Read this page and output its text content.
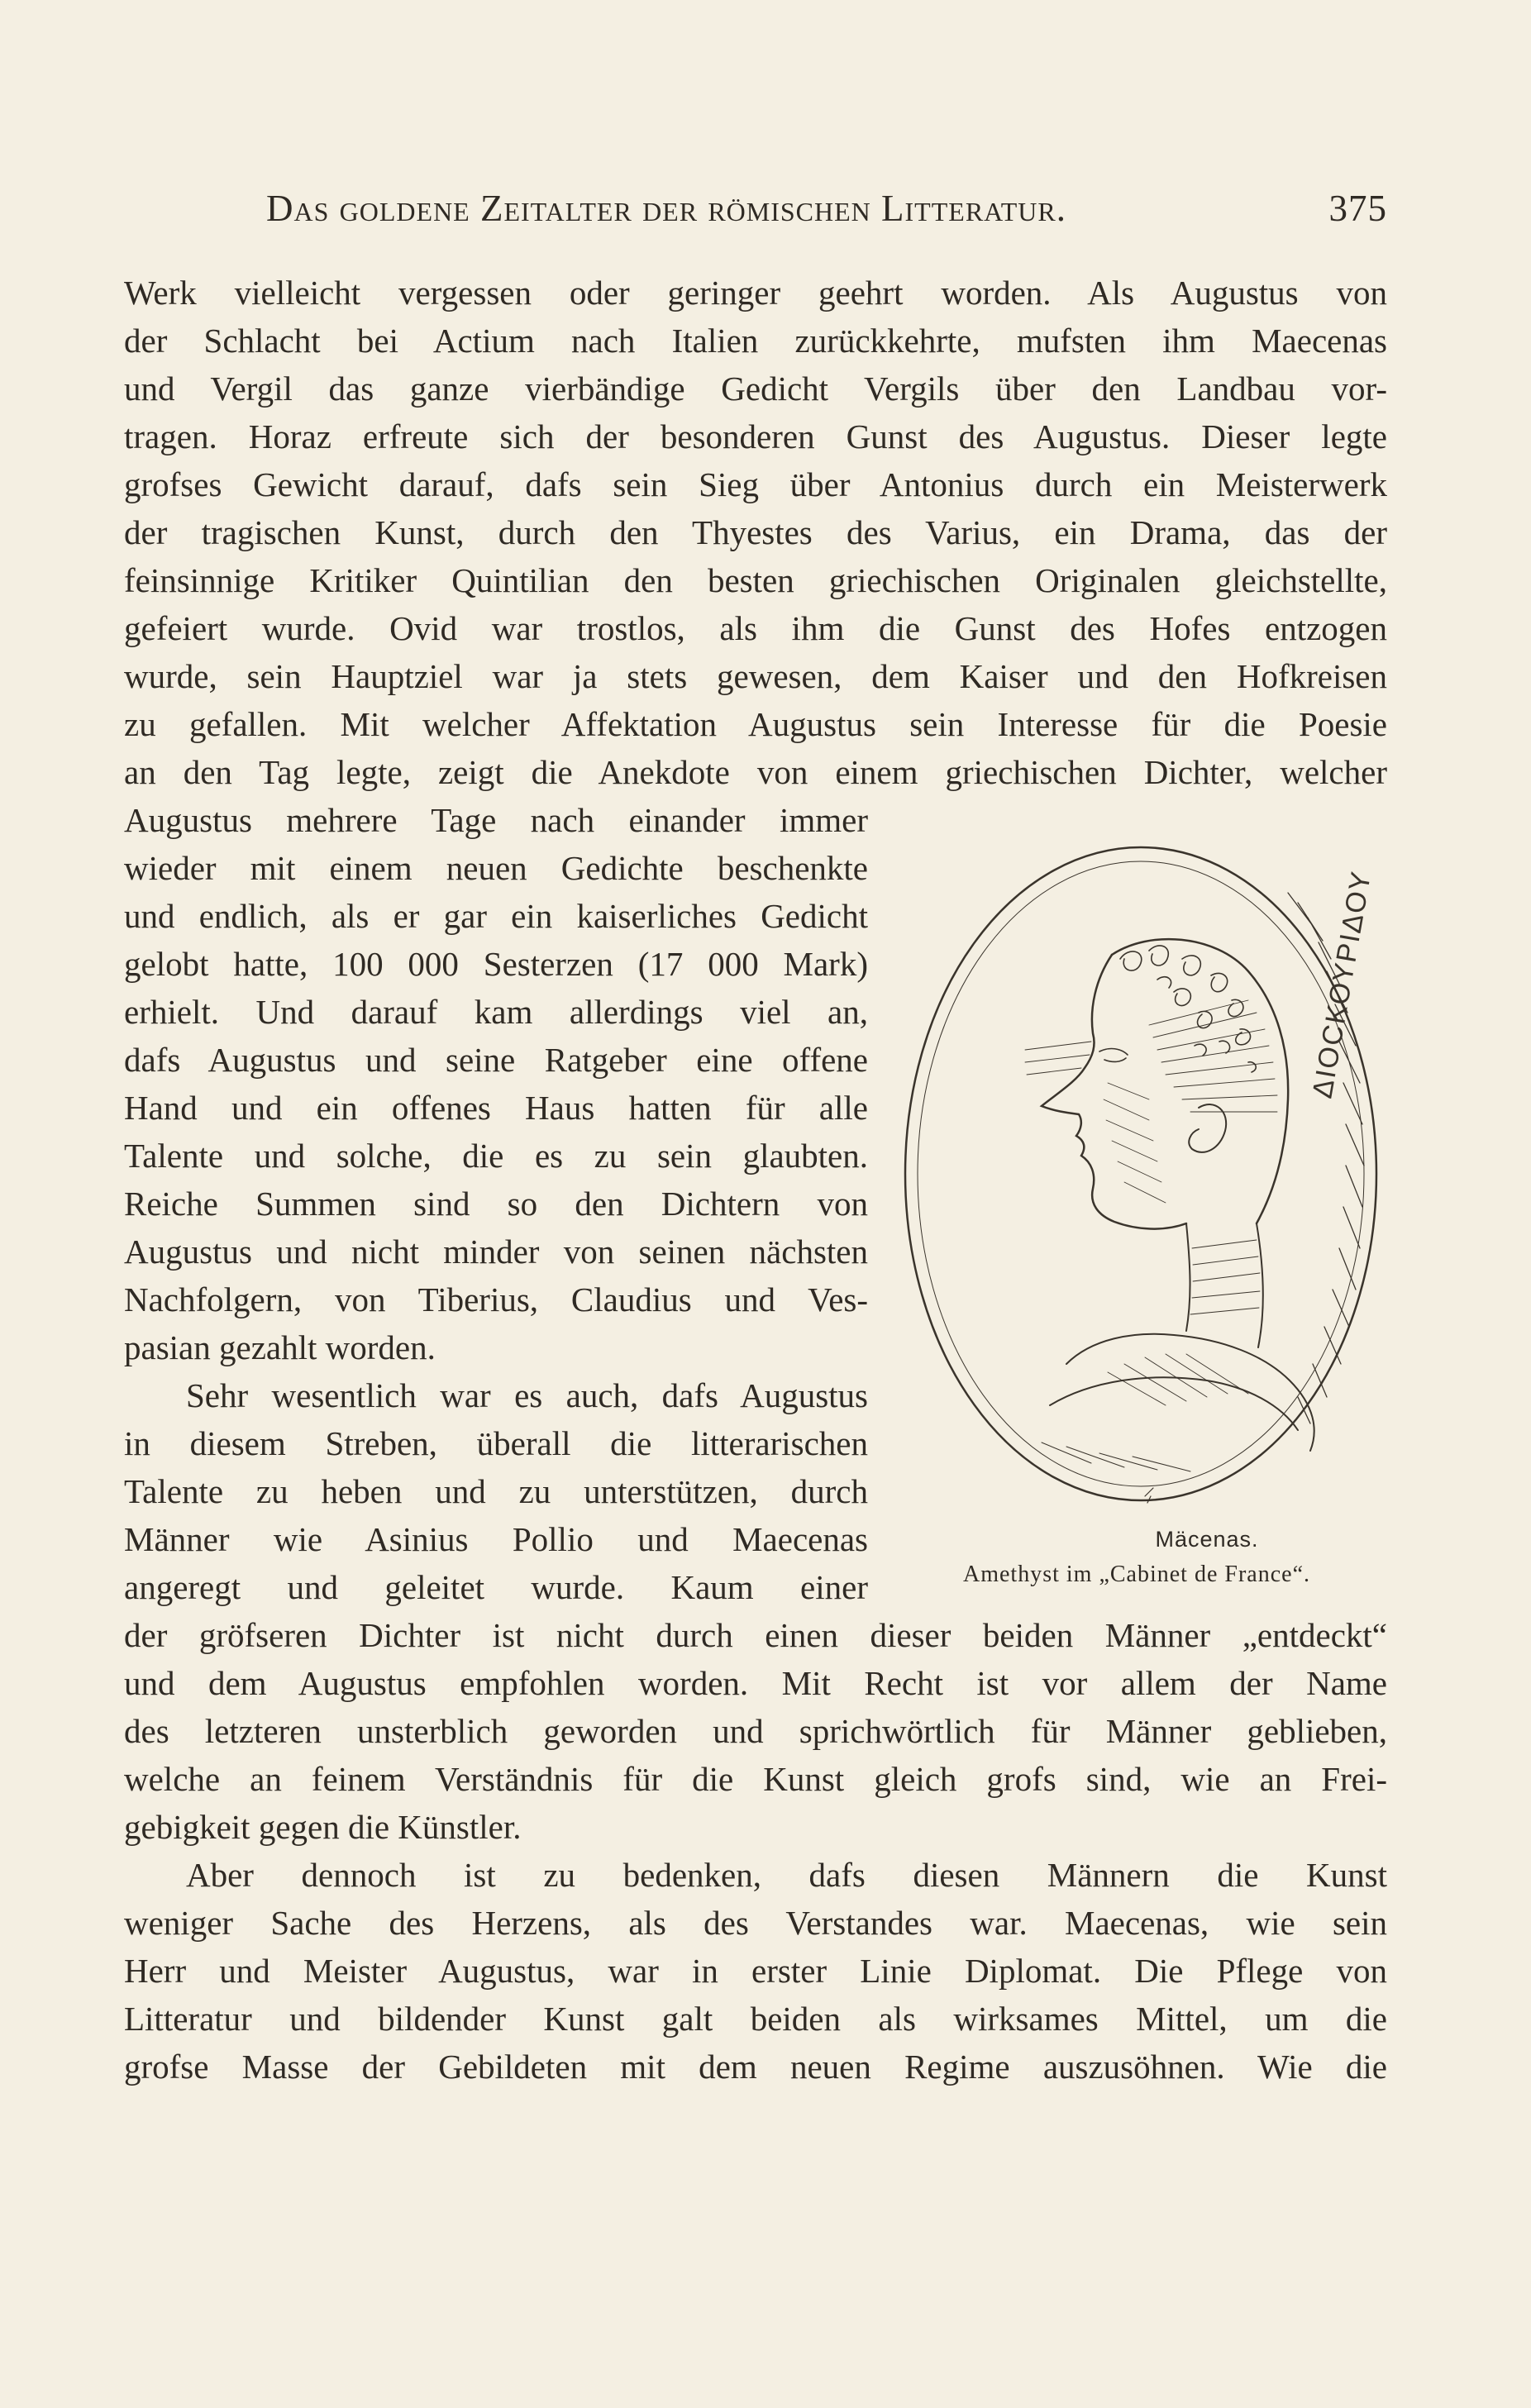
Das goldene Zeitalter der römischen Litteratur.	375
Werk vielleicht vergessen oder geringer geehrt worden. Als Augustus von
der Schlacht bei Actium nach Italien zurückkehrte, mufsten ihm Maecenas
und Vergil das ganze vierbändige Gedicht Vergils über den Landbau vor-
tragen. Horaz erfreute sich der besonderen Gunst des Augustus. Dieser legte
grofses Gewicht darauf, dafs sein Sieg über Antonius durch ein Meisterwerk
der tragischen Kunst, durch den Thyestes des Varius, ein Drama, das der
feinsinnige Kritiker Quintilian den besten griechischen Originalen gleichstellte,
gefeiert wurde. Ovid war trostlos, als ihm die Gunst des Hofes entzogen
wurde, sein Hauptziel war ja stets gewesen, dem Kaiser und den Hofkreisen
zu gefallen. Mit welcher Affektation Augustus sein Interesse für die Poesie
an den Tag legte, zeigt die Anekdote von einem griechischen Dichter, welcher
Augustus mehrere Tage nach einander immer
wieder mit einem neuen Gedichte beschenkte
und endlich, als er gar ein kaiserliches Gedicht
gelobt hatte, 100 000 Sesterzen (17 000 Mark)
erhielt. Und darauf kam allerdings viel an,
dafs Augustus und seine Ratgeber eine offene
Hand und ein offenes Haus hatten für alle
Talente und solche, die es zu sein glaubten.
Reiche Summen sind so den Dichtern von
Augustus und nicht minder von seinen nächsten
Nachfolgern, von Tiberius, Claudius und Ves-
pasian gezahlt worden.
Sehr wesentlich war es auch, dafs Augustus
in diesem Streben, überall die litterarischen
Talente zu heben und zu unterstützen, durch
Männer wie Asinius Pollio und Maecenas
angeregt und geleitet wurde. Kaum einer
der gröfseren Dichter ist nicht durch einen dieser beiden Männer „entdeckt“
und dem Augustus empfohlen worden. Mit Recht ist vor allem der Name
des letzteren unsterblich geworden und sprichwörtlich für Männer geblieben,
welche an feinem Verständnis für die Kunst gleich grofs sind, wie an Frei-
gebigkeit gegen die Künstler.
Aber dennoch ist zu bedenken, dafs diesen Männern die Kunst
weniger Sache des Herzens, als des Verstandes war. Maecenas, wie sein
Herr und Meister Augustus, war in erster Linie Diplomat. Die Pflege von
Litteratur und bildender Kunst galt beiden als wirksames Mittel, um die
grofse Masse der Gebildeten mit dem neuen Regime auszusöhnen. Wie die
ΔΙΟϹΚΟΥΡΙΔΟΥ
Mäcenas.
Amethyst im „Cabinet de France“.
